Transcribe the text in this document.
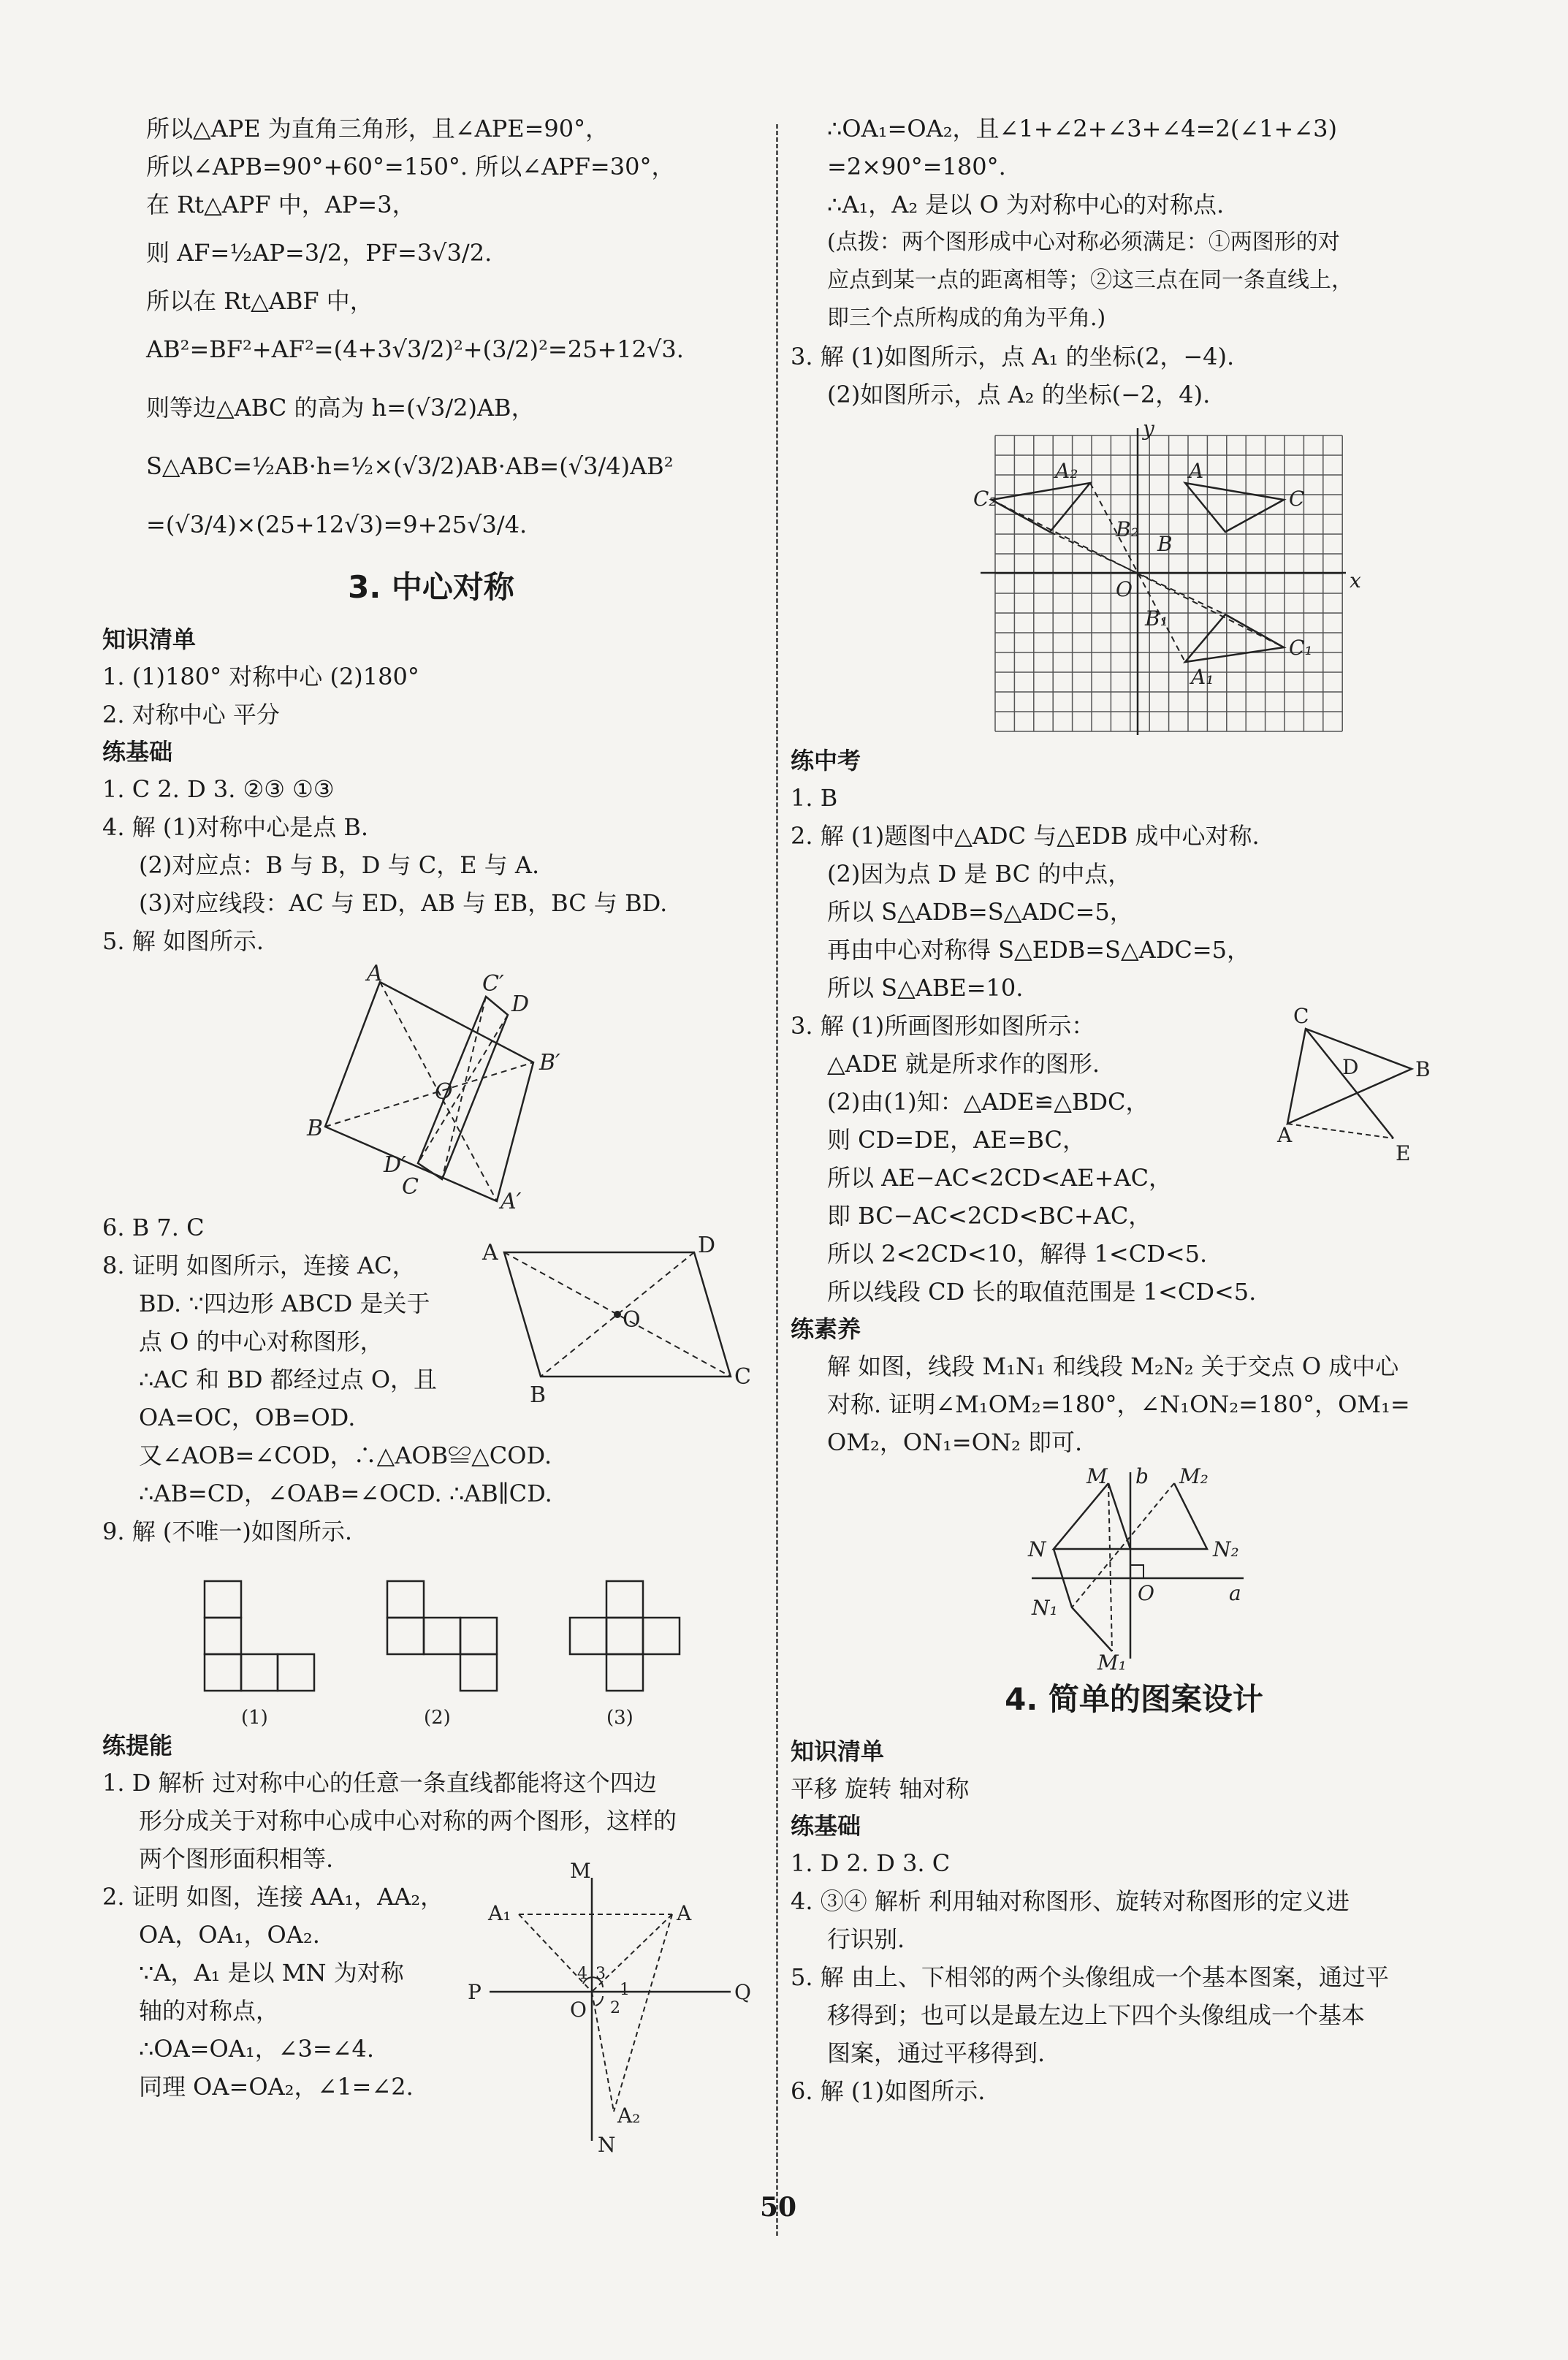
所以△APE 为直角三角形，且∠APE=90°，
所以∠APB=90°+60°=150°. 所以∠APF=30°，
在 Rt△APF 中，AP=3，
则 AF=½AP=3/2，PF=3√3/2.
所以在 Rt△ABF 中，
AB²=BF²+AF²=(4+3√3/2)²+(3/2)²=25+12√3.
则等边△ABC 的高为 h=(√3/2)AB，
S△ABC=½AB·h=½×(√3/2)AB·AB=(√3/4)AB²
=(√3/4)×(25+12√3)=9+25√3/4.
3. 中心对称
知识清单
1. (1)180° 对称中心 (2)180°
2. 对称中心 平分
练基础
1. C 2. D 3. ②③ ①③
4. 解 (1)对称中心是点 B.
(2)对应点：B 与 B，D 与 C，E 与 A.
(3)对应线段：AC 与 ED，AB 与 EB，BC 与 BD.
5. 解 如图所示.
A
B
C
D
A′
B′
C′
D′
O
6. B 7. C
8. 证明 如图所示，连接 AC，
BD. ∵四边形 ABCD 是关于
点 O 的中心对称图形，
∴AC 和 BD 都经过点 O，且
OA=OC，OB=OD.
又∠AOB=∠COD，∴△AOB≌△COD.
∴AB=CD，∠OAB=∠OCD. ∴AB∥CD.
9. 解 (不唯一)如图所示.
A
B
C
D
O
(1)	(2)	(3)
练提能
1. D 解析 过对称中心的任意一条直线都能将这个四边
形分成关于对称中心成中心对称的两个图形，这样的
两个图形面积相等.
2. 证明 如图，连接 AA₁，AA₂，
OA，OA₁，OA₂.
∵A，A₁ 是以 MN 为对称
轴的对称点，
∴OA=OA₁，∠3=∠4.
同理 OA=OA₂，∠1=∠2.
M
N
P	Q
O
A
A₁
A₂
1
2
3
4
∴OA₁=OA₂，且∠1+∠2+∠3+∠4=2(∠1+∠3)
=2×90°=180°.
∴A₁，A₂ 是以 O 为对称中心的对称点.
(点拨：两个图形成中心对称必须满足：①两图形的对
应点到某一点的距离相等；②这三点在同一条直线上，
即三个点所构成的角为平角.)
3. 解 (1)如图所示，点 A₁ 的坐标(2，−4).
(2)如图所示，点 A₂ 的坐标(−2，4).
y
x
O
A
B
C
A₁
B₁
C₁
A₂
B₂
C₂
练中考
1. B
2. 解 (1)题图中△ADC 与△EDB 成中心对称.
(2)因为点 D 是 BC 的中点，
所以 S△ADB=S△ADC=5，
再由中心对称得 S△EDB=S△ADC=5，
所以 S△ABE=10.
3. 解 (1)所画图形如图所示：
△ADE 就是所求作的图形.
(2)由(1)知：△ADE≌△BDC，
则 CD=DE，AE=BC，
所以 AE−AC<2CD<AE+AC，
即 BC−AC<2CD<BC+AC，
所以 2<2CD<10，解得 1<CD<5.
所以线段 CD 长的取值范围是 1<CD<5.
A
B
C
D
E
练素养
解 如图，线段 M₁N₁ 和线段 M₂N₂ 关于交点 O 成中心
对称. 证明∠M₁OM₂=180°，∠N₁ON₂=180°，OM₁=
OM₂，ON₁=ON₂ 即可.
M b M₂
N	N₂
N₁
M₁
O	a
4. 简单的图案设计
知识清单
平移 旋转 轴对称
练基础
1. D 2. D 3. C
4. ③④ 解析 利用轴对称图形、旋转对称图形的定义进
行识别.
5. 解 由上、下相邻的两个头像组成一个基本图案，通过平
移得到；也可以是最左边上下四个头像组成一个基本
图案，通过平移得到.
6. 解 (1)如图所示.
50
